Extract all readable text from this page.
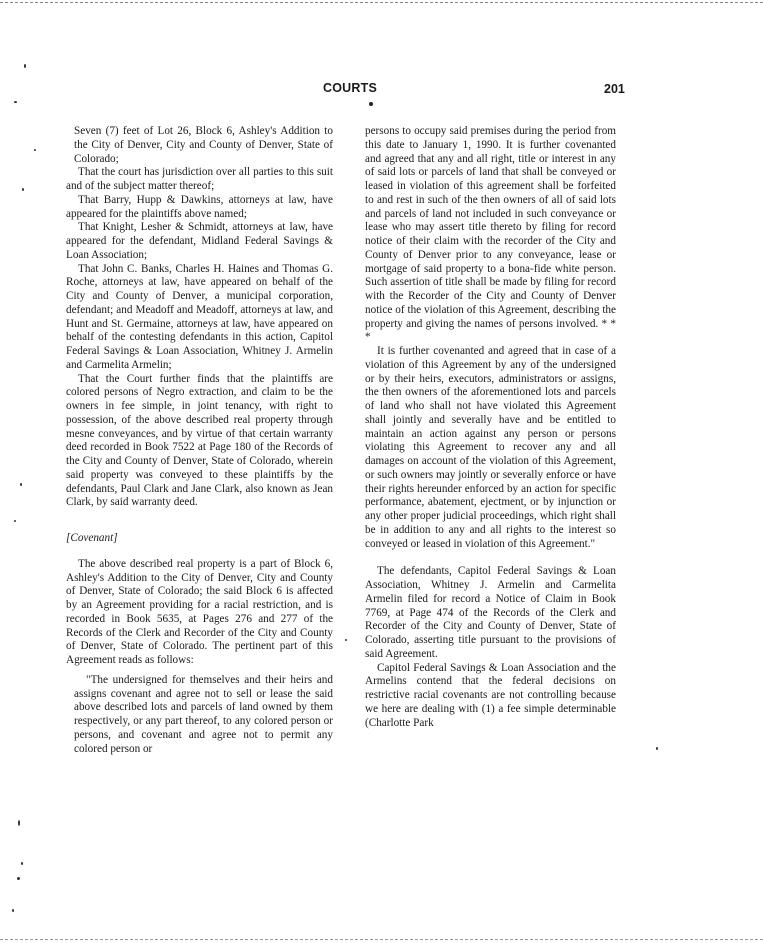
COURTS	201

Seven (7) feet of Lot 26, Block 6, Ashley's Addition to the City of Denver, City and County of Denver, State of Colorado;

That the court has jurisdiction over all parties to this suit and of the subject matter thereof;

That Barry, Hupp & Dawkins, attorneys at law, have appeared for the plaintiffs above named;

That Knight, Lesher & Schmidt, attorneys at law, have appeared for the defendant, Midland Federal Savings & Loan Association;

That John C. Banks, Charles H. Haines and Thomas G. Roche, attorneys at law, have appeared on behalf of the City and County of Denver, a municipal corporation, defendant; and Meadoff and Meadoff, attorneys at law, and Hunt and St. Germaine, attorneys at law, have appeared on behalf of the contesting defendants in this action, Capitol Federal Savings & Loan Association, Whitney J. Armelin and Carmelita Armelin;

That the Court further finds that the plaintiffs are colored persons of Negro extraction, and claim to be the owners in fee simple, in joint tenancy, with right to possession, of the above described real property through mesne conveyances, and by virtue of that certain warranty deed recorded in Book 7522 at Page 180 of the Records of the City and County of Denver, State of Colorado, wherein said property was conveyed to these plaintiffs by the defendants, Paul Clark and Jane Clark, also known as Jean Clark, by said warranty deed.

[Covenant]

The above described real property is a part of Block 6, Ashley's Addition to the City of Denver, City and County of Denver, State of Colorado; the said Block 6 is affected by an Agreement providing for a racial restriction, and is recorded in Book 5635, at Pages 276 and 277 of the Records of the Clerk and Recorder of the City and County of Denver, State of Colorado. The pertinent part of this Agreement reads as follows:

"The undersigned for themselves and their heirs and assigns covenant and agree not to sell or lease the said above described lots and parcels of land owned by them respectively, or any part thereof, to any colored person or persons, and covenant and agree not to permit any colored person or

persons to occupy said premises during the period from this date to January 1, 1990. It is further covenanted and agreed that any and all right, title or interest in any of said lots or parcels of land that shall be conveyed or leased in violation of this agreement shall be forfeited to and rest in such of the then owners of all of said lots and parcels of land not included in such conveyance or lease who may assert title thereto by filing for record notice of their claim with the recorder of the City and County of Denver prior to any conveyance, lease or mortgage of said property to a bona-fide white person. Such assertion of title shall be made by filing for record with the Recorder of the City and County of Denver notice of the violation of this Agreement, describing the property and giving the names of persons involved. * * *

It is further covenanted and agreed that in case of a violation of this Agreement by any of the undersigned or by their heirs, executors, administrators or assigns, the then owners of the aforementioned lots and parcels of land who shall not have violated this Agreement shall jointly and severally have and be entitled to maintain an action against any person or persons violating this Agreement to recover any and all damages on account of the violation of this Agreement, or such owners may jointly or severally enforce or have their rights hereunder enforced by an action for specific performance, abatement, ejectment, or by injunction or any other proper judicial proceedings, which right shall be in addition to any and all rights to the interest so conveyed or leased in violation of this Agreement."

The defendants, Capitol Federal Savings & Loan Association, Whitney J. Armelin and Carmelita Armelin filed for record a Notice of Claim in Book 7769, at Page 474 of the Records of the Clerk and Recorder of the City and County of Denver, State of Colorado, asserting title pursuant to the provisions of said Agreement.

Capitol Federal Savings & Loan Association and the Armelins contend that the federal decisions on restrictive racial covenants are not controlling because we here are dealing with (1) a fee simple determinable (Charlotte Park
